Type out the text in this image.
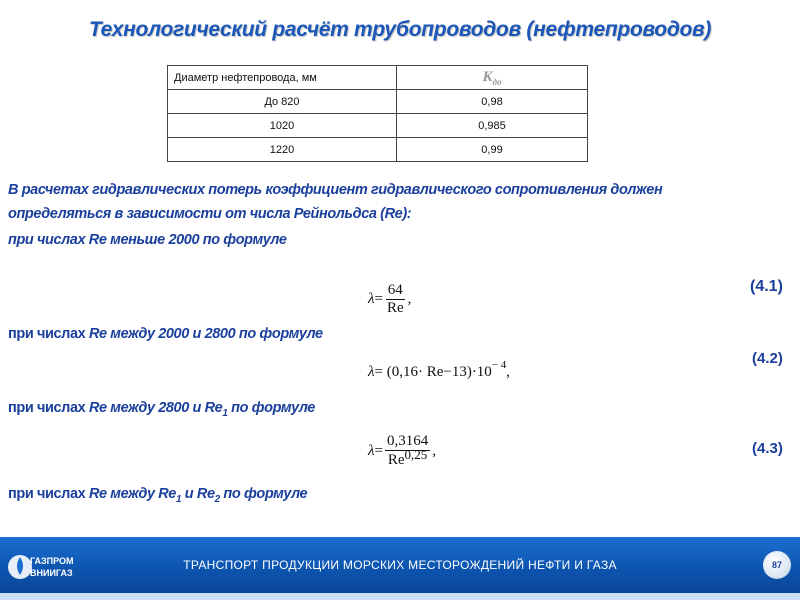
Технологический расчёт трубопроводов (нефтепроводов)
Диаметр нефтепровода, мм	$K_{до}$
До 820	0,98
1020	0,985
1220	0,99
В расчетах гидравлических потерь коэффициент гидравлического сопротивления должен
определяться в зависимости от числа Рейнольдса (Re):
при числах Re меньше 2000 по формуле
$\lambda = \frac{64}{Re}$ ,
(4.1)
при числах Re между 2000 и 2800 по формуле
λ = (0,16· Re−13)·10 − 4 ,
(4.2)
при числах Re между 2800 и $Re_1$ по формуле
$\lambda = \frac{0,3164}{Re0,25}$ ,	(4.3)
при числах Re между $Re_1$ и $Re_2$ по формуле
ГАЗПРОМ
ВНИИГАЗ
ТРАНСПОРТ ПРОДУКЦИИ МОРСКИХ МЕСТОРОЖДЕНИЙ НЕФТИ И ГАЗА	87
